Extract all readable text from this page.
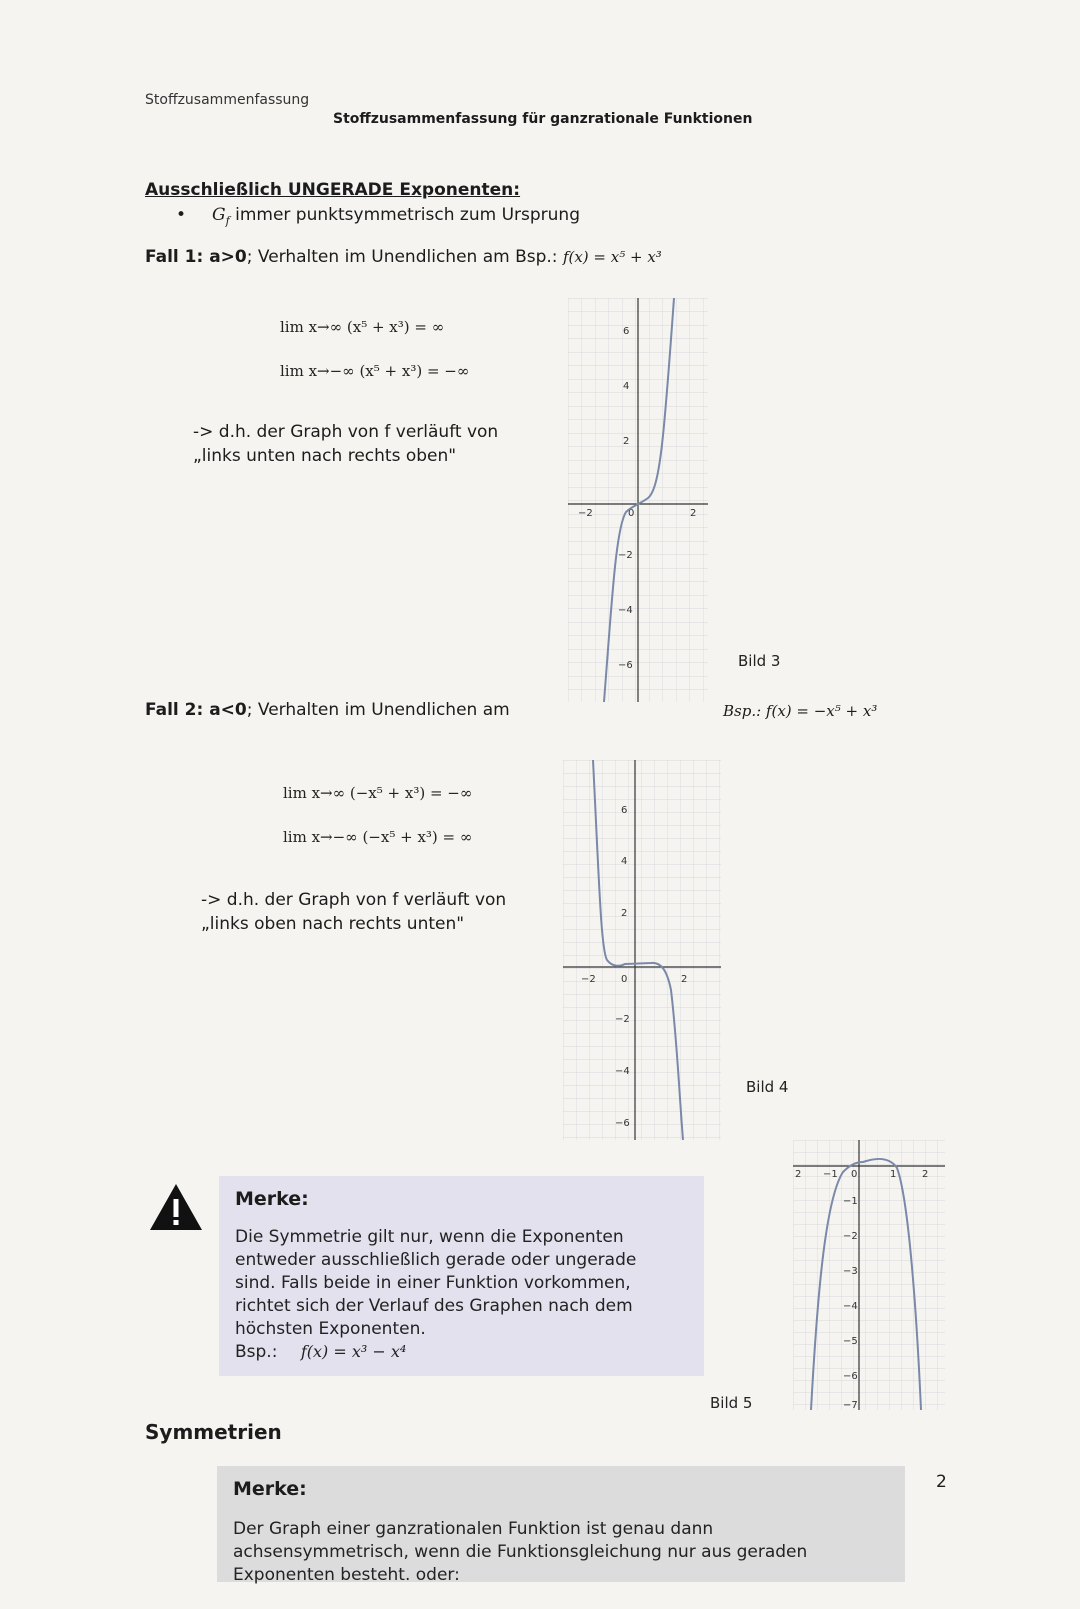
Stoffzusammenfassung
Stoffzusammenfassung für ganzrationale Funktionen
Ausschließlich UNGERADE Exponenten:
• $G_f$ immer punktsymmetrisch zum Ursprung
Fall 1: a>0; Verhalten im Unendlichen am Bsp.: f(x) = x⁵ + x³
lim x→∞ (x⁵ + x³) = ∞
lim x→−∞ (x⁵ + x³) = −∞
-> d.h. der Graph von f verläuft von „links unten nach rechts oben"
−2	0	2
6
4
2
−2
−4
−6	Bild 3
Fall 2: a<0; Verhalten im Unendlichen am	Bsp.: f(x) = −x⁵ + x³
lim x→∞ (−x⁵ + x³) = −∞
lim x→−∞ (−x⁵ + x³) = ∞
-> d.h. der Graph von f verläuft von „links oben nach rechts unten"
−2	0	2
6
4
2
−2
−4
−6
Bild 4
Merke:
Die Symmetrie gilt nur, wenn die Exponenten entweder ausschließlich gerade oder ungerade sind. Falls beide in einer Funktion vorkommen, richtet sich der Verlauf des Graphen nach dem höchsten Exponenten.
Bsp.: f(x) = x³ − x⁴
2 −1 0	1	2
−1
−2
−3
−4
−5
−6
−7
Bild 5
Symmetrien
Merke:
Der Graph einer ganzrationalen Funktion ist genau dann achsensymmetrisch, wenn die Funktionsgleichung nur aus geraden Exponenten besteht. oder:
2
